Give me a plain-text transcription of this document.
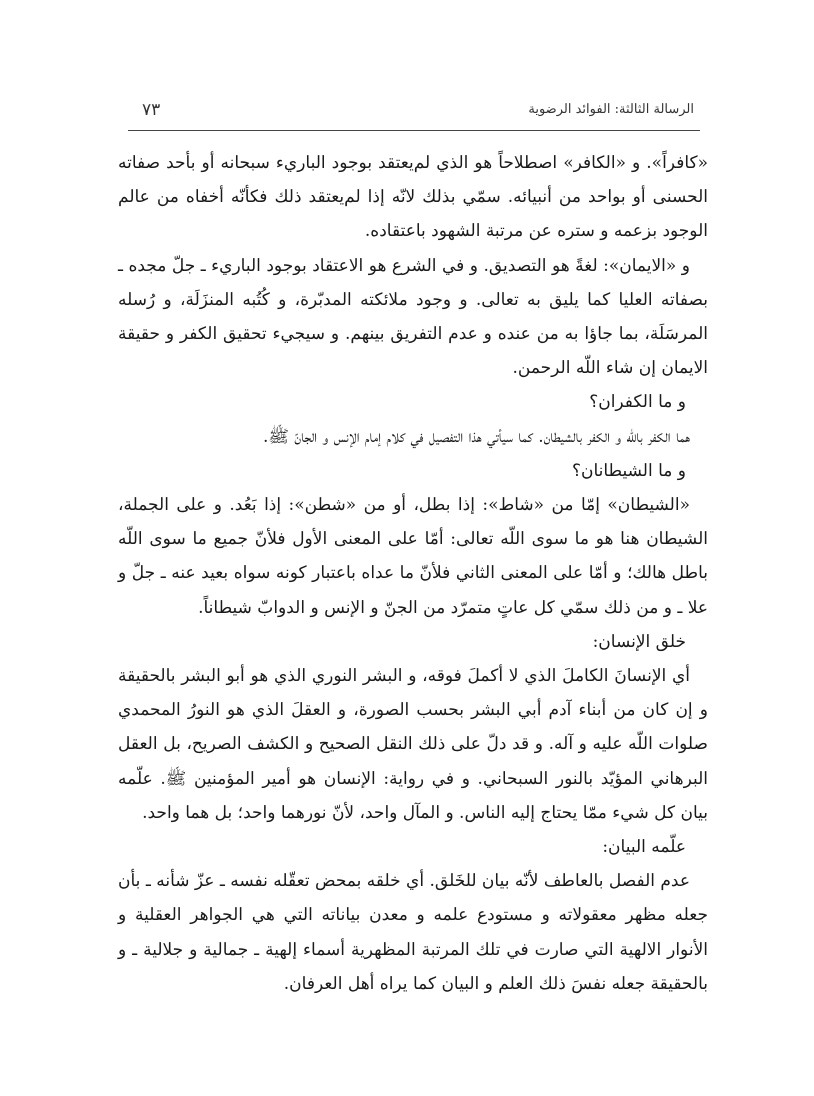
٧٣	الرسالة الثالثة: الفوائد الرضوية

«كافراً». و «الكافر» اصطلاحاً هو الذي لم‌يعتقد بوجود الباري‌ء سبحانه أو بأحد صفاته الحسنى أو بواحد من أنبيائه. سمّي بذلك لانّه إذا لم‌يعتقد ذلك فكأنّه أخفاه من عالم الوجود بزعمه و ستره عن مرتبة الشهود باعتقاده.

و «الايمان»: لغةً هو التصديق. و في الشرع هو الاعتقاد بوجود الباري‌ء ـ جلّ مجده ـ بصفاته العليا كما يليق به تعالى. و وجود ملائكته المدبّرة، و كُتُبه المنزَلَة، و رُسله المرسَلَة، بما جاؤا به من عنده و عدم التفريق بينهم. و سيجي‌ء تحقيق الكفر و حقيقة الايمان إن شاء اللّه الرحمن.

و ما الكفران؟

هما الكفر باللّه و الكفر بالشيطان. كما سيأتي هذا التفصيل في كلام إمام الإنس و الجانّ ﷺ.

و ما الشيطانان؟

«الشيطان» إمّا من «شاط»: إذا بطل، أو من «شطن»: إذا بَعُد. و على الجملة، الشيطان هنا هو ما سوى اللّه تعالى: أمّا على المعنى الأول فلأنّ جميع ما سوى اللّه باطل هالك؛ و أمّا على المعنى الثاني فلأنّ ما عداه باعتبار كونه سواه بعيد عنه ـ جلّ و علا ـ و من ذلك سمّي كل عاتٍ متمرّد من الجنّ و الإنس و الدوابّ شيطاناً.

خلق الإنسان:

أي الإنسانَ الكاملَ الذي لا أكملَ فوقه، و البشر النوري الذي هو أبو البشر بالحقيقة و إن كان من أبناء آدم أبي البشر بحسب الصورة، و العقلَ الذي هو النورُ المحمدي صلوات اللّه عليه و آله. و قد دلّ على ذلك النقل الصحيح و الكشف الصريح، بل العقل البرهاني المؤيّد بالنور السبحاني. و في رواية: الإنسان هو أمير المؤمنين ﷺ. علّمه بيان كل شي‌ء ممّا يحتاج إليه الناس. و المآل واحد، لأنّ نورهما واحد؛ بل هما واحد.

علّمه البيان:

عدم الفصل بالعاطف لأنّه بيان للخَلق. أي خلقه بمحض تعقّله نفسه ـ عزّ شأنه ـ بأن جعله مظهر معقولاته و مستودع علمه و معدن بياناته التي هي الجواهر العقلية و الأنوار الالهية التي صارت في تلك المرتبة المظهرية أسماء إلهية ـ جمالية و جلالية ـ و بالحقيقة جعله نفسَ ذلك العلم و البيان كما يراه أهل العرفان.
